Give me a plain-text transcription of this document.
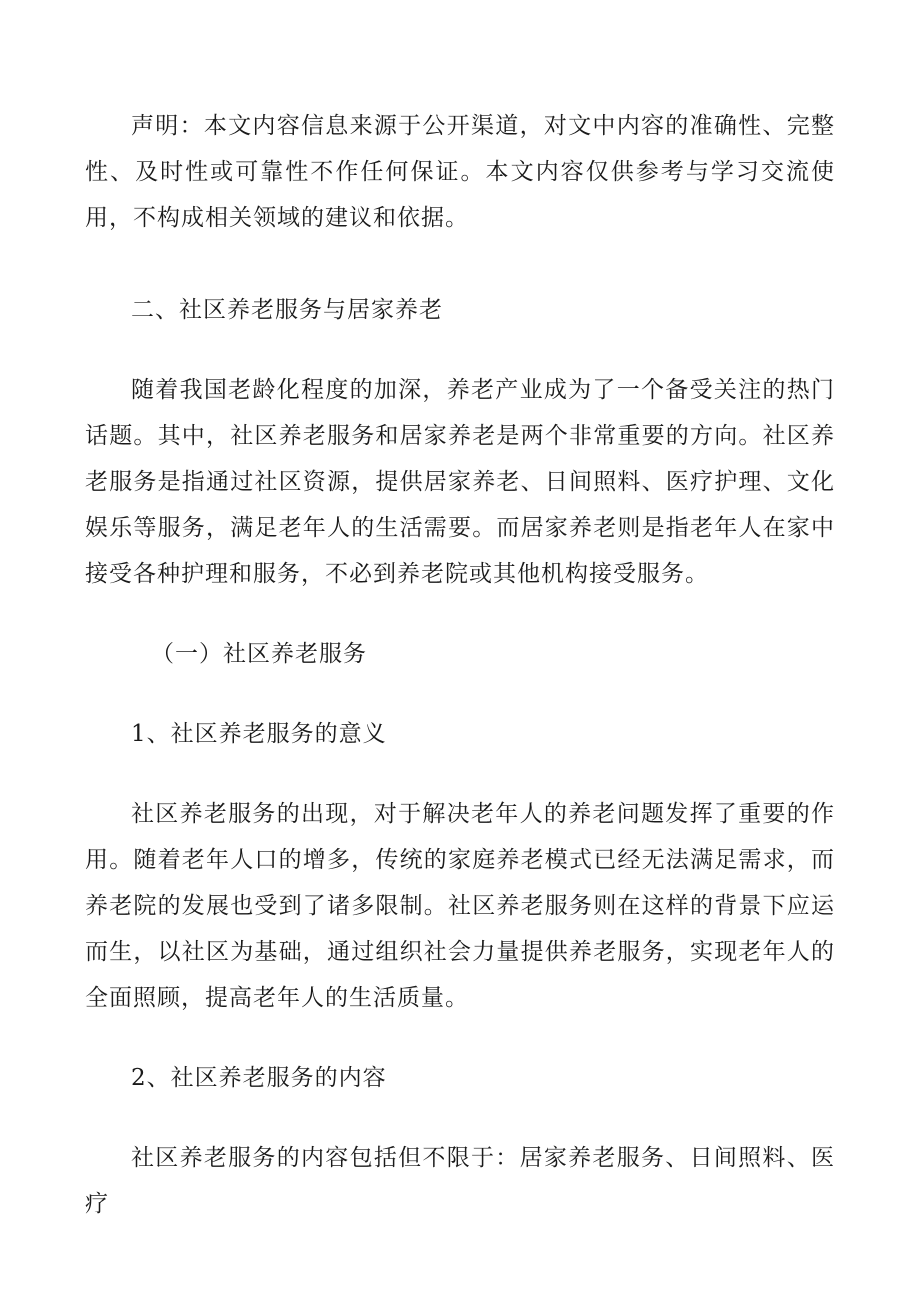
声明：本文内容信息来源于公开渠道，对文中内容的准确性、完整性、及时性或可靠性不作任何保证。本文内容仅供参考与学习交流使用，不构成相关领域的建议和依据。

二、社区养老服务与居家养老

随着我国老龄化程度的加深，养老产业成为了一个备受关注的热门话题。其中，社区养老服务和居家养老是两个非常重要的方向。社区养老服务是指通过社区资源，提供居家养老、日间照料、医疗护理、文化娱乐等服务，满足老年人的生活需要。而居家养老则是指老年人在家中接受各种护理和服务，不必到养老院或其他机构接受服务。

（一）社区养老服务

1、社区养老服务的意义

社区养老服务的出现，对于解决老年人的养老问题发挥了重要的作用。随着老年人口的增多，传统的家庭养老模式已经无法满足需求，而养老院的发展也受到了诸多限制。社区养老服务则在这样的背景下应运而生，以社区为基础，通过组织社会力量提供养老服务，实现老年人的全面照顾，提高老年人的生活质量。

2、社区养老服务的内容

社区养老服务的内容包括但不限于：居家养老服务、日间照料、医疗
